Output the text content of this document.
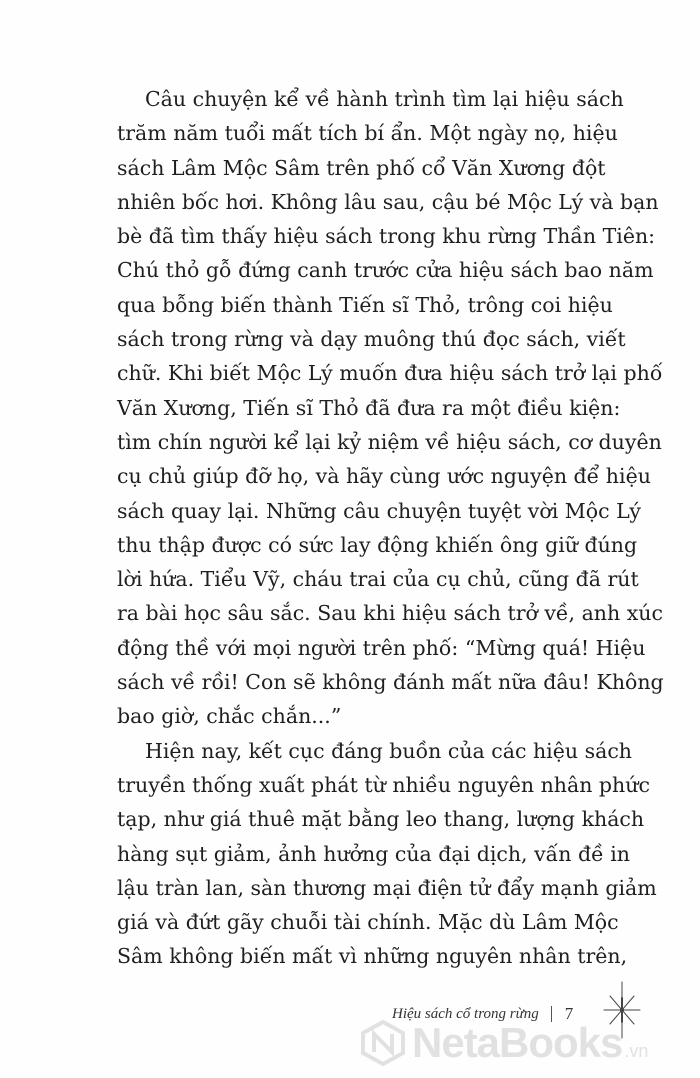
Câu chuyện kể về hành trình tìm lại hiệu sách
trăm năm tuổi mất tích bí ẩn. Một ngày nọ, hiệu
sách Lâm Mộc Sâm trên phố cổ Văn Xương đột
nhiên bốc hơi. Không lâu sau, cậu bé Mộc Lý và bạn
bè đã tìm thấy hiệu sách trong khu rừng Thần Tiên:
Chú thỏ gỗ đứng canh trước cửa hiệu sách bao năm
qua bỗng biến thành Tiến sĩ Thỏ, trông coi hiệu
sách trong rừng và dạy muông thú đọc sách, viết
chữ. Khi biết Mộc Lý muốn đưa hiệu sách trở lại phố
Văn Xương, Tiến sĩ Thỏ đã đưa ra một điều kiện:
tìm chín người kể lại kỷ niệm về hiệu sách, cơ duyên
cụ chủ giúp đỡ họ, và hãy cùng ước nguyện để hiệu
sách quay lại. Những câu chuyện tuyệt vời Mộc Lý
thu thập được có sức lay động khiến ông giữ đúng
lời hứa. Tiểu Vỹ, cháu trai của cụ chủ, cũng đã rút
ra bài học sâu sắc. Sau khi hiệu sách trở về, anh xúc
động thề với mọi người trên phố: “Mừng quá! Hiệu
sách về rồi! Con sẽ không đánh mất nữa đâu! Không
bao giờ, chắc chắn...”
Hiện nay, kết cục đáng buồn của các hiệu sách
truyền thống xuất phát từ nhiều nguyên nhân phức
tạp, như giá thuê mặt bằng leo thang, lượng khách
hàng sụt giảm, ảnh hưởng của đại dịch, vấn đề in
lậu tràn lan, sàn thương mại điện tử đẩy mạnh giảm
giá và đứt gãy chuỗi tài chính. Mặc dù Lâm Mộc
Sâm không biến mất vì những nguyên nhân trên,
Hiệu sách cổ trong rừng 7
NetaBooks .vn
